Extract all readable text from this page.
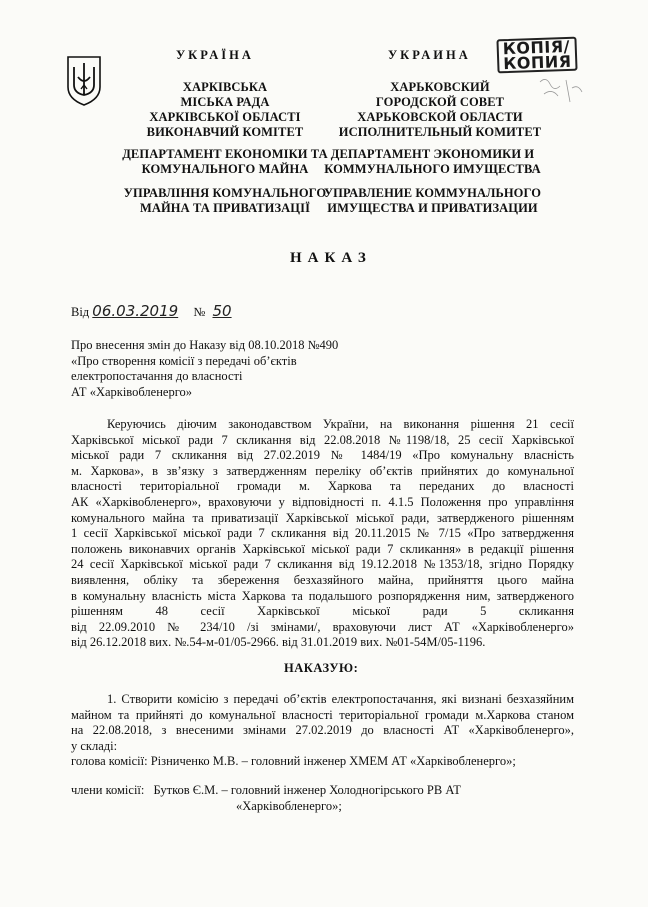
УКРАЇНА
ХАРКІВСЬКА
МІСЬКА РАДА
ХАРКІВСЬКОЇ ОБЛАСТІ
ВИКОНАВЧИЙ КОМІТЕТ
ДЕПАРТАМЕНТ ЕКОНОМІКИ ТА
КОМУНАЛЬНОГО МАЙНА
УПРАВЛІННЯ КОМУНАЛЬНОГО
МАЙНА ТА ПРИВАТИЗАЦІЇ
УКРАИНА
ХАРЬКОВСКИЙ
ГОРОДСКОЙ СОВЕТ
ХАРЬКОВСКОЙ ОБЛАСТИ
ИСПОЛНИТЕЛЬНЫЙ КОМИТЕТ
ДЕПАРТАМЕНТ ЭКОНОМИКИ И
КОММУНАЛЬНОГО ИМУЩЕСТВА
УПРАВЛЕНИЕ КОММУНАЛЬНОГО
ИМУЩЕСТВА И ПРИВАТИЗАЦИИ
КОПІЯ/
КОПИЯ
НАКАЗ
Від 06.03.2019 № 50
Про внесення змін до Наказу від 08.10.2018 №490
«Про створення комісії з передачі об’єктів
електропостачання до власності
АТ «Харківобленерго»
Керуючись діючим законодавством України, на виконання рішення 21 сесії
Харківської міської ради 7 скликання від 22.08.2018 №1198/18, 25 сесії Харківської
міської ради 7 скликання від 27.02.2019 № 1484/19 «Про комунальну власність
м. Харкова», в зв’язку з затвердженням переліку об’єктів прийнятих до комунальної
власності територіальної громади м. Харкова та переданих до власності
АК «Харківобленерго», враховуючи у відповідності п. 4.1.5 Положення про управління
комунального майна та приватизації Харківської міської ради, затвердженого рішенням
1 сесії Харківської міської ради 7 скликання від 20.11.2015 № 7/15 «Про затвердження
положень виконавчих органів Харківської міської ради 7 скликання» в редакції рішення
24 сесії Харківської міської ради 7 скликання від 19.12.2018 №1353/18, згідно Порядку
виявлення, обліку та збереження безхазяйного майна, прийняття цього майна
в комунальну власність міста Харкова та подальшого розпорядження ним, затвердженого
рішенням 48 сесії Харківської міської ради 5 скликання
від 22.09.2010 № 234/10 /зі змінами/, враховуючи лист АТ «Харківобленерго»
від 26.12.2018 вих. №.54-м-01/05-2966. від 31.01.2019 вих. №01-54М/05-1196.
НАКАЗУЮ:
1. Створити комісію з передачі об’єктів електропостачання, які визнані безхазяйним
майном та прийняті до комунальної власності територіальної громади м.Харкова станом
на 22.08.2018, з внесеними змінами 27.02.2019 до власності АТ «Харківобленерго»,
у складі:
голова комісії: Різниченко М.В. – головний інженер ХМЕМ АТ «Харківобленерго»;
члени комісії: Бутков Є.М. – головний інженер Холодногірського РВ АТ
«Харківобленерго»;
